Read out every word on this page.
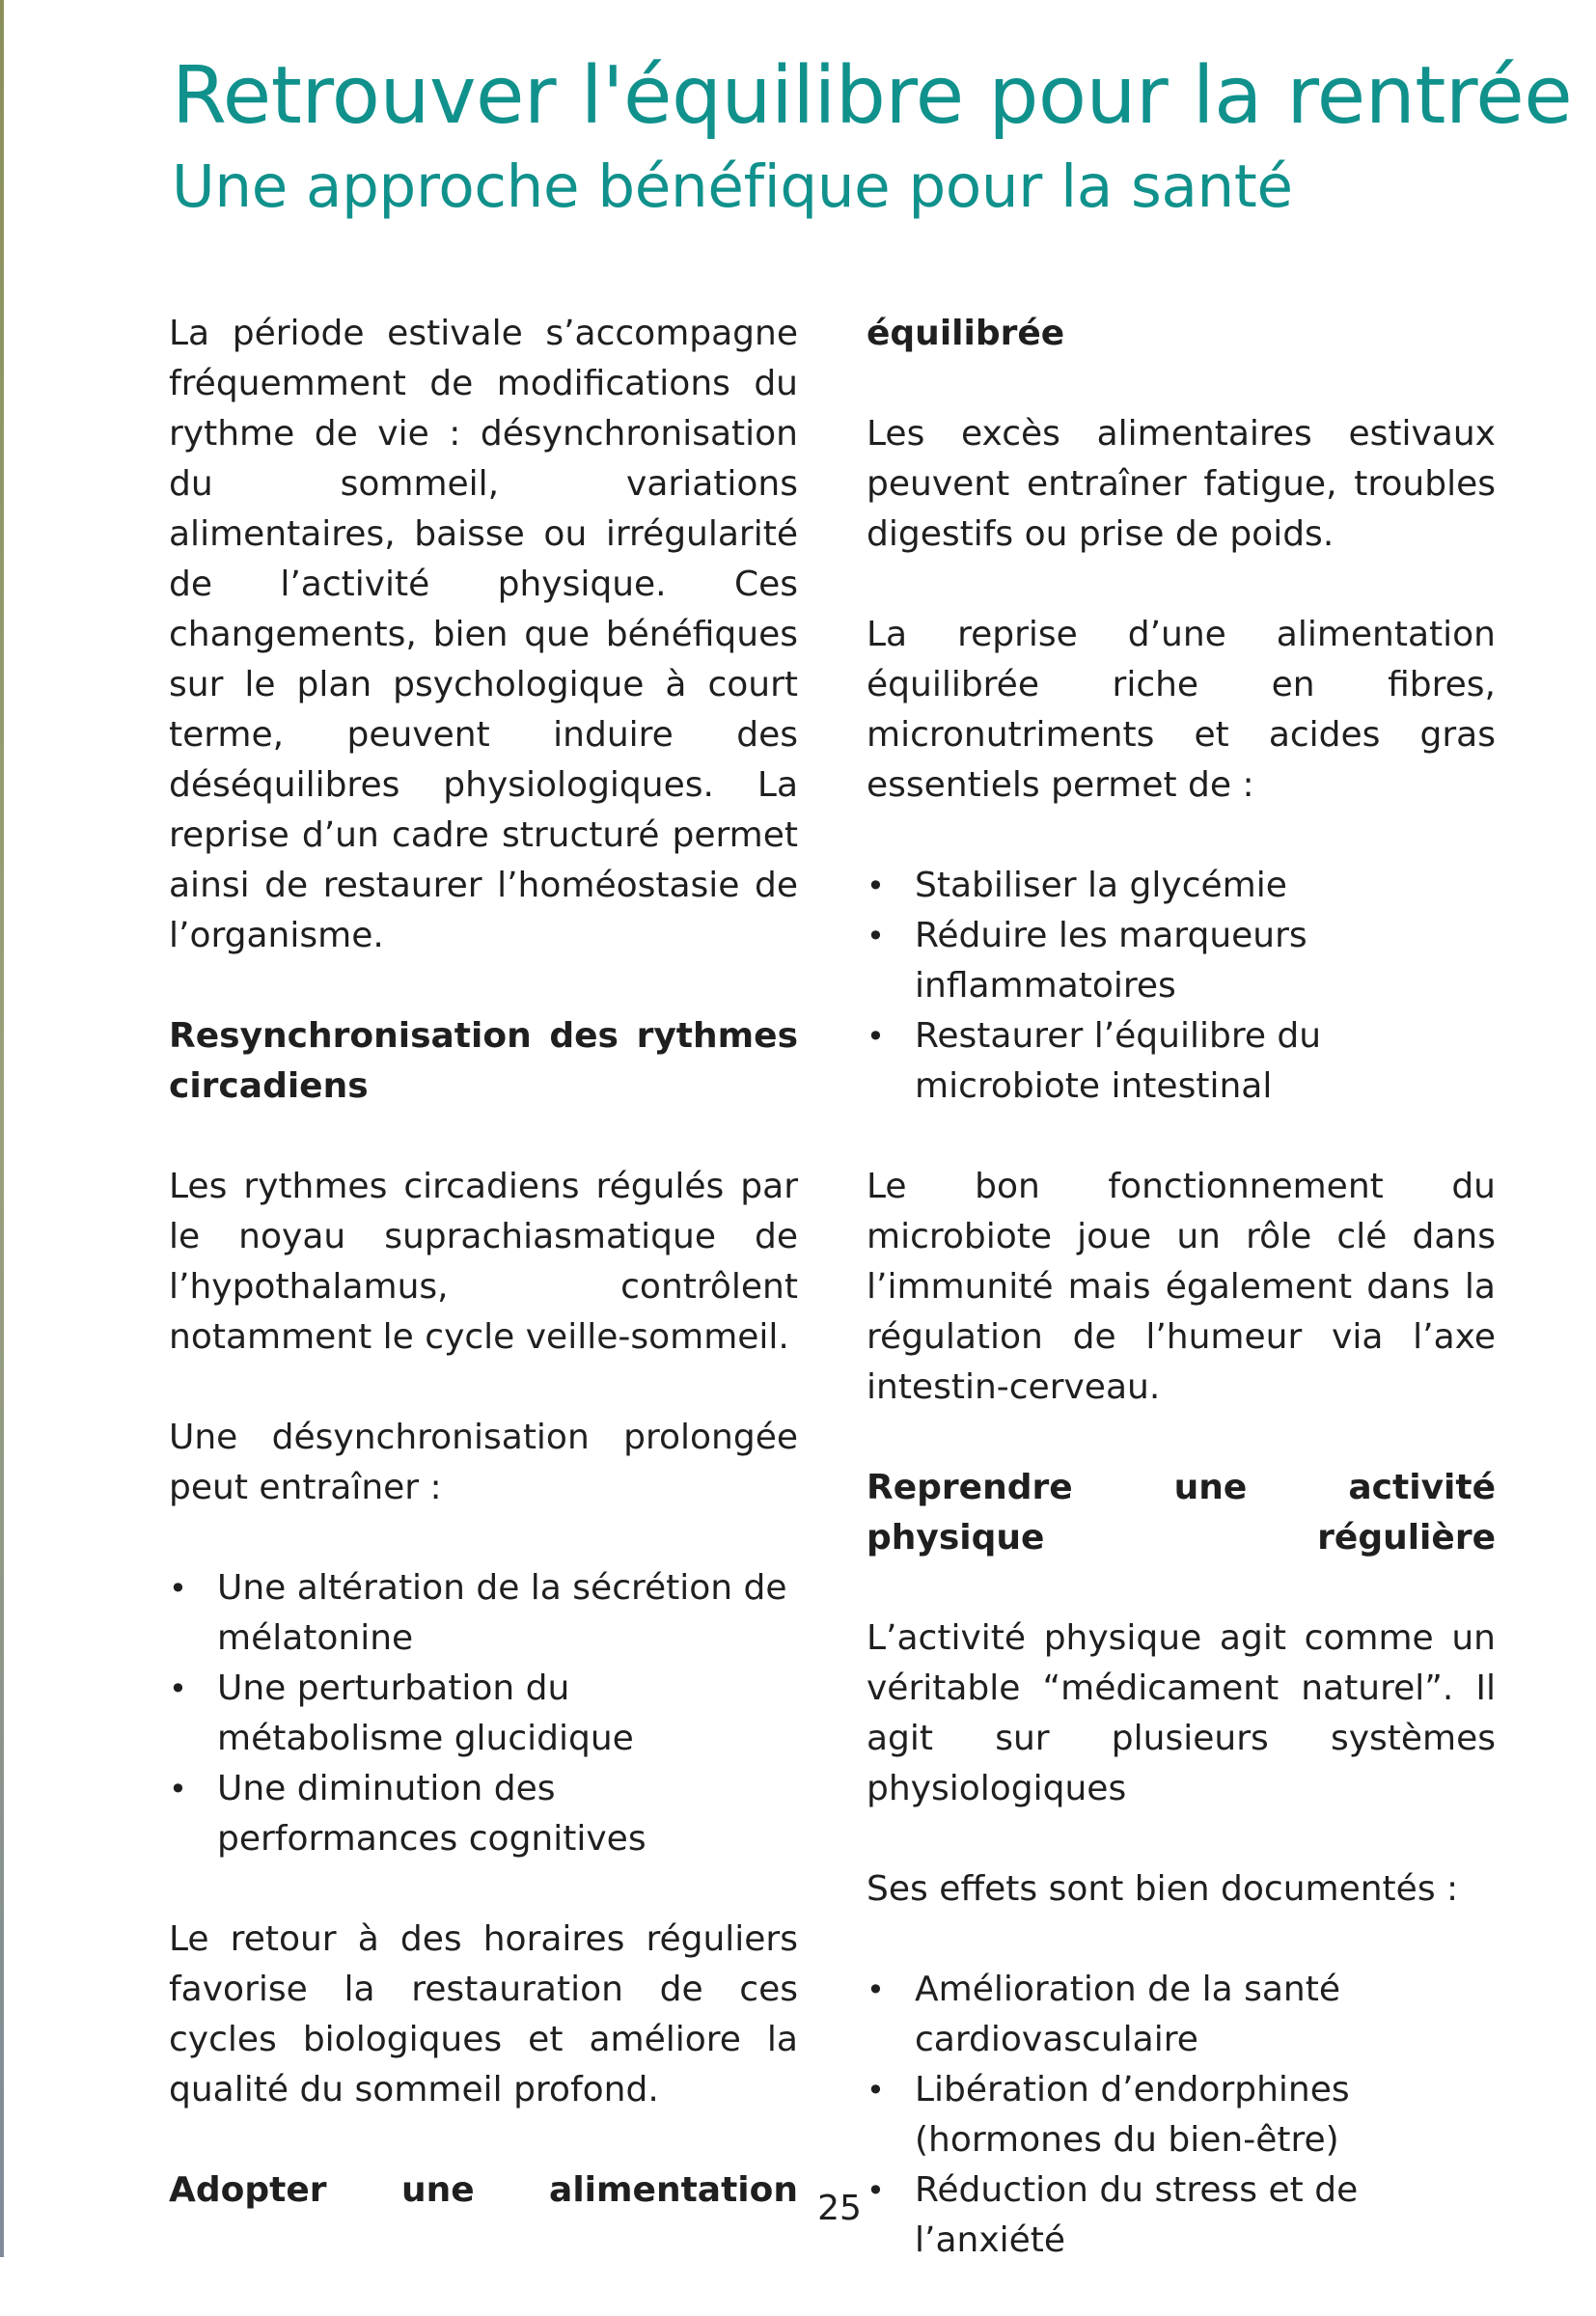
Retrouver l'équilibre pour la rentrée
Une approche bénéfique pour la santé

La période estivale s’accompagne fréquemment de modifications du rythme de vie : désynchronisation du sommeil, variations alimentaires, baisse ou irrégularité de l’activité physique. Ces changements, bien que bénéfiques sur le plan psychologique à court terme, peuvent induire des déséquilibres physiologiques. La reprise d’un cadre structuré permet ainsi de restaurer l’homéostasie de l’organisme.

Resynchronisation des rythmes circadiens

Les rythmes circadiens régulés par le noyau suprachiasmatique de l’hypothalamus, contrôlent notamment le cycle veille-sommeil.

Une désynchronisation prolongée peut entraîner :

• Une altération de la sécrétion de mélatonine
• Une perturbation du métabolisme glucidique
• Une diminution des performances cognitives

Le retour à des horaires réguliers favorise la restauration de ces cycles biologiques et améliore la qualité du sommeil profond.

Adopter une alimentation
équilibrée

Les excès alimentaires estivaux peuvent entraîner fatigue, troubles digestifs ou prise de poids.

La reprise d’une alimentation équilibrée riche en fibres, micronutriments et acides gras essentiels permet de :

• Stabiliser la glycémie
• Réduire les marqueurs inflammatoires
• Restaurer l’équilibre du microbiote intestinal

Le bon fonctionnement du microbiote joue un rôle clé dans l’immunité mais également dans la régulation de l’humeur via l’axe intestin-cerveau.

Reprendre une activité physique régulière

L’activité physique agit comme un véritable “médicament naturel”. Il agit sur plusieurs systèmes physiologiques

Ses effets sont bien documentés :

• Amélioration de la santé cardiovasculaire
• Libération d’endorphines (hormones du bien-être)
• Réduction du stress et de l’anxiété
25
